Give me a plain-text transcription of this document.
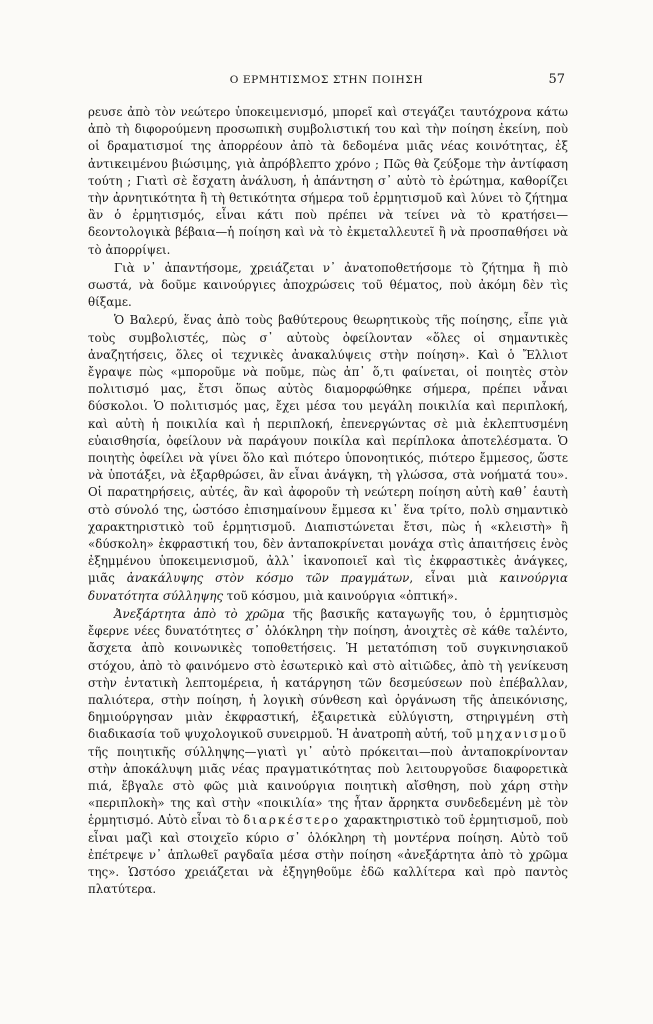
Ο ΕΡΜΗΤΙΣΜΟΣ ΣΤΗΝ ΠΟΙΗΣΗ	57

ρευσε ἀπὸ τὸν νεώτερο ὑποκειμενισμό, μπορεῖ καὶ στεγάζει ταυτόχρονα κάτω ἀπὸ τὴ διφορούμενη προσωπικὴ συμβολιστική του καὶ τὴν ποίηση ἐκείνη, ποὺ οἱ δραματισμοί της ἀπορρέουν ἀπὸ τὰ δεδομένα μιᾶς νέας κοινότητας, ἐξ ἀντικειμένου βιώσιμης, γιὰ ἀπρόβλεπτο χρόνο ; Πῶς θὰ ζεύξομε τὴν ἀντίφαση τούτη ; Γιατὶ σὲ ἔσχατη ἀνάλυση, ἡ ἀπάντηση σ᾽ αὐτὸ τὸ ἐρώτημα, καθορίζει τὴν ἀρνητικότητα ἢ τὴ θετικότητα σήμερα τοῦ ἑρμητισμοῦ καὶ λύνει τὸ ζήτημα ἂν ὁ ἑρμητισμός, εἶναι κάτι ποὺ πρέπει νὰ τείνει νὰ τὸ κρατήσει—δεοντολογικὰ βέβαια—ἡ ποίηση καὶ νὰ τὸ ἐκμεταλλευτεῖ ἢ νὰ προσπαθήσει νὰ τὸ ἀπορρίψει.

Γιὰ ν᾽ ἀπαντήσομε, χρειάζεται ν᾽ ἀνατοποθετήσομε τὸ ζήτημα ἢ πιὸ σωστά, νὰ δοῦμε καινούργιες ἀποχρώσεις τοῦ θέματος, ποὺ ἀκόμη δὲν τὶς θίξαμε.

Ὁ Βαλερύ, ἕνας ἀπὸ τοὺς βαθύτερους θεωρητικοὺς τῆς ποίησης, εἶπε γιὰ τοὺς συμβολιστές, πὼς σ᾽ αὐτοὺς ὀφείλονταν «ὅλες οἱ σημαντικὲς ἀναζητήσεις, ὅλες οἱ τεχνικὲς ἀνακαλύψεις στὴν ποίηση». Καὶ ὁ Ἔλλιοτ ἔγραψε πὼς «μποροῦμε νὰ ποῦμε, πὼς ἀπ᾽ ὅ,τι φαίνεται, οἱ ποιητὲς στὸν πολιτισμό μας, ἔτσι ὅπως αὐτὸς διαμορφώθηκε σήμερα, πρέπει νἆναι δύσκολοι. Ὁ πολιτισμός μας, ἔχει μέσα του μεγάλη ποικιλία καὶ περιπλοκή, καὶ αὐτὴ ἡ ποικιλία καὶ ἡ περιπλοκή, ἐπενεργώντας σὲ μιὰ ἐκλεπτυσμένη εὐαισθησία, ὀφείλουν νὰ παράγουν ποικίλα καὶ περίπλοκα ἀποτελέσματα. Ὁ ποιητὴς ὀφείλει νὰ γίνει ὅλο καὶ πιότερο ὑπονοητικός, πιότερο ἔμμεσος, ὥστε νὰ ὑποτάξει, νὰ ἐξαρθρώσει, ἂν εἶναι ἀνάγκη, τὴ γλώσσα, στὰ νοήματά του». Οἱ παρατηρήσεις, αὐτές, ἂν καὶ ἀφοροῦν τὴ νεώτερη ποίηση αὐτὴ καθ᾽ ἑαυτὴ στὸ σύνολό της, ὡστόσο ἐπισημαίνουν ἔμμεσα κι᾽ ἕνα τρίτο, πολὺ σημαντικὸ χαρακτηριστικὸ τοῦ ἑρμητισμοῦ. Διαπιστώνεται ἔτσι, πὼς ἡ «κλειστὴ» ἢ «δύσκολη» ἐκφραστική του, δὲν ἀνταποκρίνεται μονάχα στὶς ἀπαιτήσεις ἑνὸς ἐξημμένου ὑποκειμενισμοῦ, ἀλλ᾽ ἱκανοποιεῖ καὶ τὶς ἐκφραστικὲς ἀνάγκες, μιᾶς ἀνακάλυψης στὸν κόσμο τῶν πραγμάτων, εἶναι μιὰ καινούργια δυνατότητα σύλληψης τοῦ κόσμου, μιὰ καινούργια «ὀπτική».

Ἀνεξάρτητα ἀπὸ τὸ χρῶμα τῆς βασικῆς καταγωγῆς του, ὁ ἑρμητισμὸς ἔφερνε νέες δυνατότητες σ᾽ ὁλόκληρη τὴν ποίηση, ἀνοιχτὲς σὲ κάθε ταλέντο, ἄσχετα ἀπὸ κοινωνικὲς τοποθετήσεις. Ἡ μετατόπιση τοῦ συγκινησιακοῦ στόχου, ἀπὸ τὸ φαινόμενο στὸ ἐσωτερικὸ καὶ στὸ αἰτιῶδες, ἀπὸ τὴ γενίκευση στὴν ἐντατικὴ λεπτομέρεια, ἡ κατάργηση τῶν δεσμεύσεων ποὺ ἐπέβαλλαν, παλιότερα, στὴν ποίηση, ἡ λογικὴ σύνθεση καὶ ὀργάνωση τῆς ἀπεικόνισης, δημιούργησαν μιὰν ἐκφραστική, ἐξαιρετικὰ εὐλύγιστη, στηριγμένη στὴ διαδικασία τοῦ ψυχολογικοῦ συνειρμοῦ. Ἡ ἀνατροπὴ αὐτή, τοῦ μηχανισμοῦ τῆς ποιητικῆς σύλληψης—γιατὶ γι᾽ αὐτὸ πρόκειται—ποὺ ἀνταποκρίνονταν στὴν ἀποκάλυψη μιᾶς νέας πραγματικότητας ποὺ λειτουργοῦσε διαφορετικὰ πιά, ἔβγαλε στὸ φῶς μιὰ καινούργια ποιητικὴ αἴσθηση, ποὺ χάρη στὴν «περιπλοκὴ» της καὶ στὴν «ποικιλία» της ἦταν ἄρρηκτα συνδεδεμένη μὲ τὸν ἑρμητισμό. Αὐτὸ εἶναι τὸ διαρκέστερο χαρακτηριστικὸ τοῦ ἑρμητισμοῦ, ποὺ εἶναι μαζὶ καὶ στοιχεῖο κύριο σ᾽ ὁλόκληρη τὴ μοντέρνα ποίηση. Αὐτὸ τοῦ ἐπέτρεψε ν᾽ ἁπλωθεῖ ραγδαῖα μέσα στὴν ποίηση «ἀνεξάρτητα ἀπὸ τὸ χρῶμα της». Ὡστόσο χρειάζεται νὰ ἐξηγηθοῦμε ἐδῶ καλλίτερα καὶ πρὸ παντὸς πλατύτερα.
